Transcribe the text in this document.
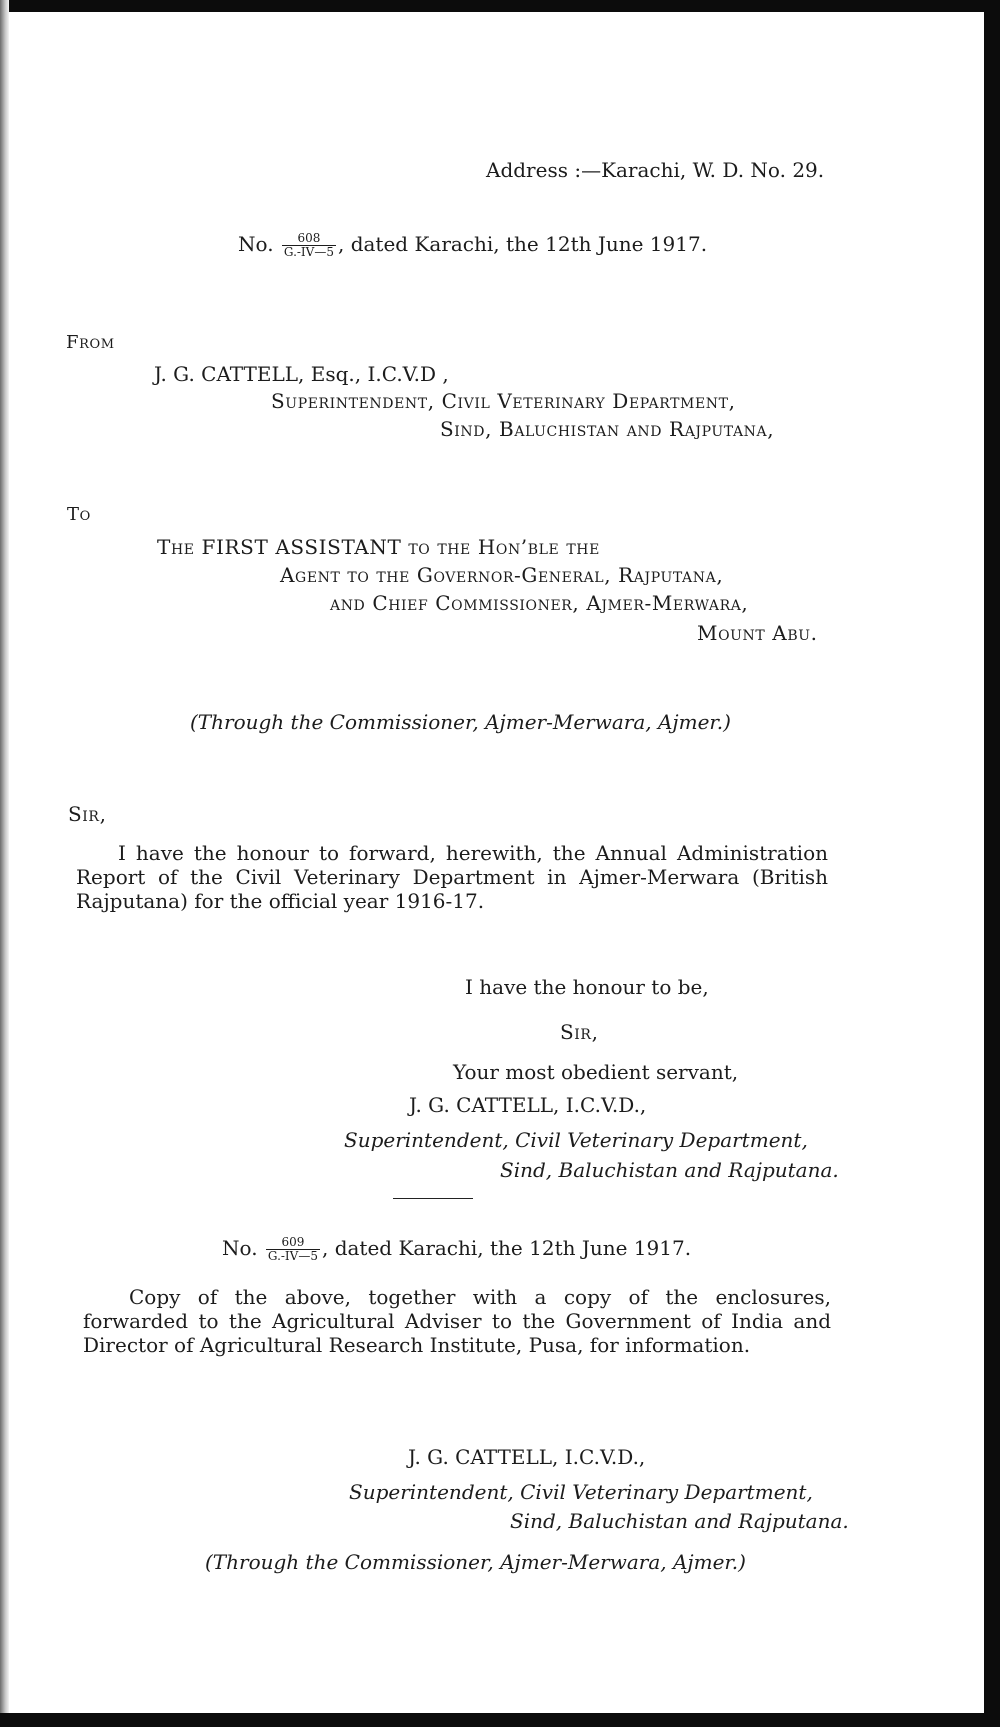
Address :—Karachi, W. D. No. 29.
No. $\frac{608}{G.-IV—5}$ , dated Karachi, the 12th June 1917.
From
J. G. CATTELL, Esq., I.C.V.D ,
Superintendent, Civil Veterinary Department,
Sind, Baluchistan and Rajputana,
To
The FIRST ASSISTANT to the Hon’ble the
Agent to the Governor-General, Rajputana,
and Chief Commissioner, Ajmer-Merwara,
Mount Abu.
(Through the Commissioner, Ajmer-Merwara, Ajmer.)
Sir,
I have the honour to forward, herewith, the Annual Administration Report of the Civil Veterinary Department in Ajmer-Merwara (British Rajputana) for the official year 1916-17.
I have the honour to be,
Sir,
Your most obedient servant,
J. G. CATTELL, I.C.V.D.,
Superintendent, Civil Veterinary Department,
Sind, Baluchistan and Rajputana.
No. $\frac{609}{G.-IV—5}$ , dated Karachi, the 12th June 1917.
Copy of the above, together with a copy of the enclosures, forwarded to the Agricultural Adviser to the Government of India and Director of Agricultural Research Institute, Pusa, for information.
J. G. CATTELL, I.C.V.D.,
Superintendent, Civil Veterinary Department,
Sind, Baluchistan and Rajputana.
(Through the Commissioner, Ajmer-Merwara, Ajmer.)
